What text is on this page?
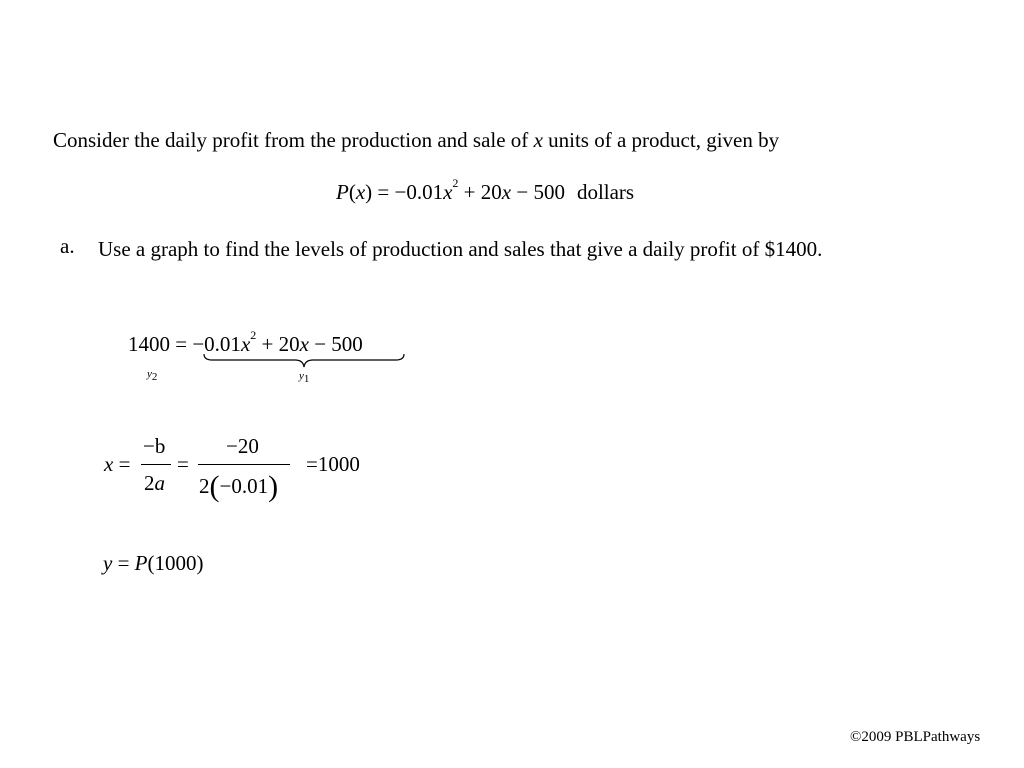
Consider the daily profit from the production and sale of x units of a product, given by
$P(x) = -0.01x^2 + 20x - 500$ dollars
a. Use a graph to find the levels of production and sales that give a daily profit of $1400.
$1400 = -0.01x^2 + 20x - 500$
$y_2$	$y_1$
x =
−b
2a
=
−20
2(−0.01)
=1000
y = P(1000)
©2009 PBLPathways
